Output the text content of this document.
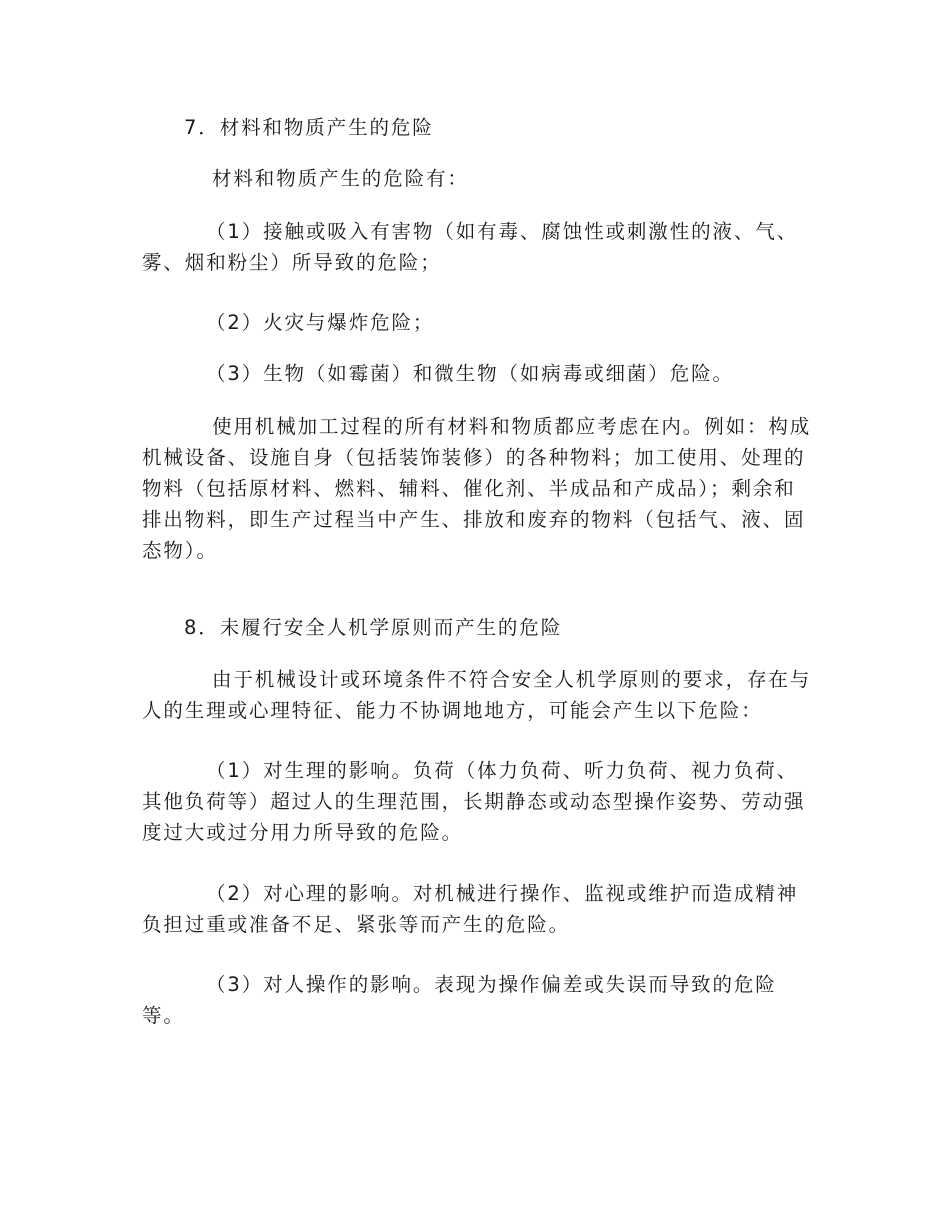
7．材料和物质产生的危险

材料和物质产生的危险有：

（1）接触或吸入有害物（如有毒、腐蚀性或刺激性的液、气、雾、烟和粉尘）所导致的危险；

（2）火灾与爆炸危险；

（3）生物（如霉菌）和微生物（如病毒或细菌）危险。

使用机械加工过程的所有材料和物质都应考虑在内。例如：构成机械设备、设施自身（包括装饰装修）的各种物料；加工使用、处理的物料（包括原材料、燃料、辅料、催化剂、半成品和产成品）；剩余和排出物料，即生产过程当中产生、排放和废弃的物料（包括气、液、固态物）。

8．未履行安全人机学原则而产生的危险

由于机械设计或环境条件不符合安全人机学原则的要求，存在与人的生理或心理特征、能力不协调地地方，可能会产生以下危险：

（1）对生理的影响。负荷（体力负荷、听力负荷、视力负荷、其他负荷等）超过人的生理范围，长期静态或动态型操作姿势、劳动强度过大或过分用力所导致的危险。

（2）对心理的影响。对机械进行操作、监视或维护而造成精神负担过重或准备不足、紧张等而产生的危险。

（3）对人操作的影响。表现为操作偏差或失误而导致的危险等。
